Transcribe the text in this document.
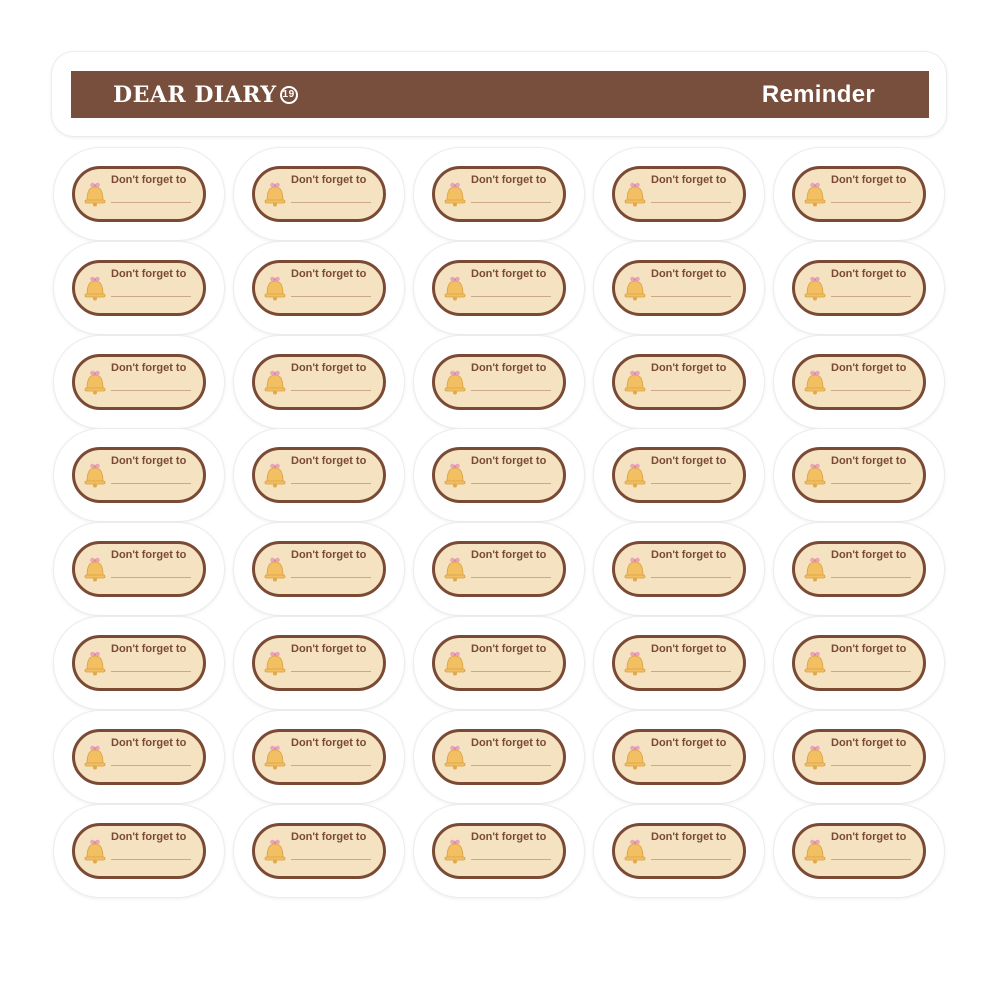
DEAR DIARY 19	Reminder
Don't forget to	Don't forget to	Don't forget to	Don't forget to	Don't forget to
Don't forget to	Don't forget to	Don't forget to	Don't forget to	Don't forget to
Don't forget to	Don't forget to	Don't forget to	Don't forget to	Don't forget to
Don't forget to	Don't forget to	Don't forget to	Don't forget to	Don't forget to
Don't forget to	Don't forget to	Don't forget to	Don't forget to	Don't forget to
Don't forget to	Don't forget to	Don't forget to	Don't forget to	Don't forget to
Don't forget to	Don't forget to	Don't forget to	Don't forget to	Don't forget to
Don't forget to	Don't forget to	Don't forget to	Don't forget to	Don't forget to
